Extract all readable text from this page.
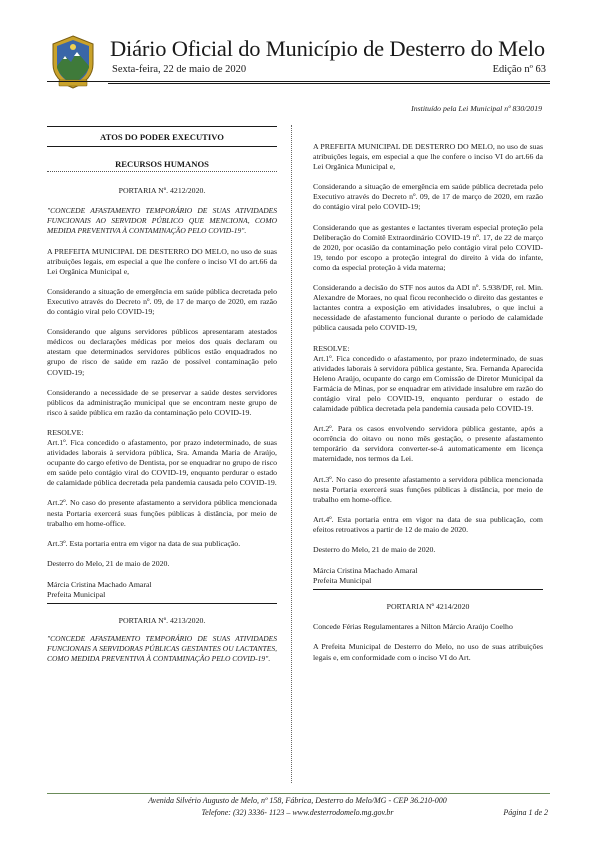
Diário Oficial do Município de Desterro do Melo
Sexta-feira, 22 de maio de 2020	Edição nº 63
Instituído pela Lei Municipal nº 830/2019
ATOS DO PODER EXECUTIVO
RECURSOS HUMANOS
PORTARIA Nº. 4212/2020.
"CONCEDE AFASTAMENTO TEMPORÁRIO DE SUAS ATIVIDADES FUNCIONAIS AO SERVIDOR PÚBLICO QUE MENCIONA, COMO MEDIDA PREVENTIVA À CONTAMINAÇÃO PELO COVID-19".
A PREFEITA MUNICIPAL DE DESTERRO DO MELO, no uso de suas atribuições legais, em especial a que lhe confere o inciso VI do art.66 da Lei Orgânica Municipal e,
Considerando a situação de emergência em saúde pública decretada pelo Executivo através do Decreto nº. 09, de 17 de março de 2020, em razão do contágio viral pelo COVID-19;
Considerando que alguns servidores públicos apresentaram atestados médicos ou declarações médicas por meios dos quais declaram ou atestam que determinados servidores públicos estão enquadrados no grupo de risco de saúde em razão de possível contaminação pelo COVID-19;
Considerando a necessidade de se preservar a saúde destes servidores públicos da administração municipal que se encontram neste grupo de risco à saúde pública em razão da contaminação pelo COVID-19.
RESOLVE:
Art.1º. Fica concedido o afastamento, por prazo indeterminado, de suas atividades laborais à servidora pública, Sra. Amanda Maria de Araújo, ocupante do cargo efetivo de Dentista, por se enquadrar no grupo de risco em saúde pelo contágio viral do COVID-19, enquanto perdurar o estado de calamidade pública decretada pela pandemia causada pelo COVID-19.
Art.2º. No caso do presente afastamento a servidora pública mencionada nesta Portaria exercerá suas funções públicas à distância, por meio de trabalho em home-office.
Art.3º. Esta portaria entra em vigor na data de sua publicação.
Desterro do Melo, 21 de maio de 2020.
Márcia Cristina Machado Amaral
Prefeita Municipal
PORTARIA Nº. 4213/2020.
"CONCEDE AFASTAMENTO TEMPORÁRIO DE SUAS ATIVIDADES FUNCIONAIS A SERVIDORAS PÚBLICAS GESTANTES OU LACTANTES, COMO MEDIDA PREVENTIVA À CONTAMINAÇÃO PELO COVID-19".
A PREFEITA MUNICIPAL DE DESTERRO DO MELO, no uso de suas atribuições legais, em especial a que lhe confere o inciso VI do art.66 da Lei Orgânica Municipal e,
Considerando a situação de emergência em saúde pública decretada pelo Executivo através do Decreto nº. 09, de 17 de março de 2020, em razão do contágio viral pelo COVID-19;
Considerando que as gestantes e lactantes tiveram especial proteção pela Deliberação do Comitê Extraordinário COVID-19 nº. 17, de 22 de março de 2020, por ocasião da contaminação pelo contágio viral pelo COVID-19, tendo por escopo a proteção integral do direito à vida do infante, como da especial proteção à vida materna;
Considerando a decisão do STF nos autos da ADI nº. 5.938/DF, rel. Min. Alexandre de Moraes, no qual ficou reconhecido o direito das gestantes e lactantes contra a exposição em atividades insalubres, o que inclui a necessidade de afastamento funcional durante o período de calamidade pública causada pelo COVID-19,
RESOLVE:
Art.1º. Fica concedido o afastamento, por prazo indeterminado, de suas atividades laborais à servidora pública gestante, Sra. Fernanda Aparecida Heleno Araújo, ocupante do cargo em Comissão de Diretor Municipal da Farmácia de Minas, por se enquadrar em atividade insalubre em razão do contágio viral pelo COVID-19, enquanto perdurar o estado de calamidade pública decretada pela pandemia causada pelo COVID-19.
Art.2º. Para os casos envolvendo servidora pública gestante, após a ocorrência do oitavo ou nono mês gestação, o presente afastamento temporário da servidora converter-se-á automaticamente em licença maternidade, nos termos da Lei.
Art.3º. No caso do presente afastamento a servidora pública mencionada nesta Portaria exercerá suas funções públicas à distância, por meio de trabalho em home-office.
Art.4º. Esta portaria entra em vigor na data de sua publicação, com efeitos retroativos a partir de 12 de maio de 2020.
Desterro do Melo, 21 de maio de 2020.
Márcia Cristina Machado Amaral
Prefeita Municipal
PORTARIA Nº 4214/2020
Concede Férias Regulamentares a Nilton Márcio Araújo Coelho
A Prefeita Municipal de Desterro do Melo, no uso de suas atribuições legais e, em conformidade com o inciso VI do Art.
Avenida Silvério Augusto de Melo, nº 158, Fábrica, Desterro do Melo/MG - CEP 36.210-000
Telefone: (32) 3336- 1123 – www.desterrodomelo.mg.gov.br	Página 1 de 2
